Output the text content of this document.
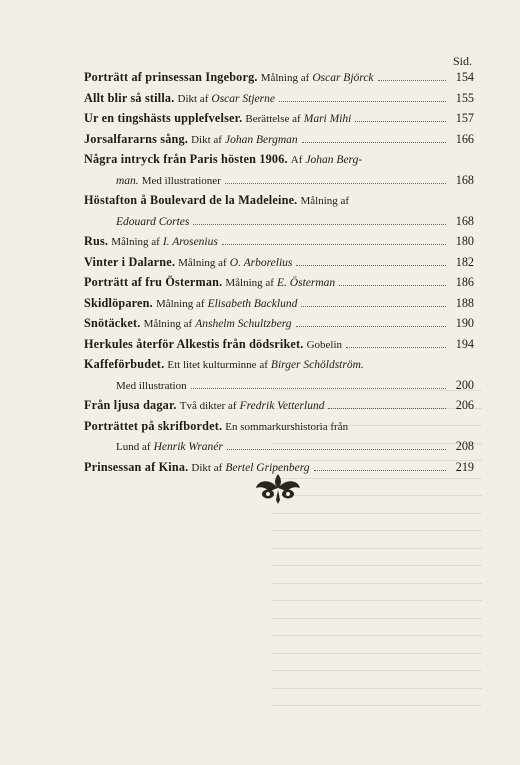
Sid.
Porträtt af prinsessan Ingeborg. Målning af Oscar Björck	154
Allt blir så stilla. Dikt af Oscar Stjerne	155
Ur en tingshästs upplefvelser. Berättelse af Mari Mihi	157
Jorsalfararns sång. Dikt af Johan Bergman	166
Några intryck från Paris hösten 1906. Af Johan Berg-
man. Med illustrationer	168
Höstafton å Boulevard de la Madeleine. Målning af
Edouard Cortes	168
Rus. Målning af I. Arosenius	180
Vinter i Dalarne. Målning af O. Arborelius	182
Porträtt af fru Österman. Målning af E. Österman	186
Skidlöparen. Målning af Elisabeth Backlund	188
Snötäcket. Målning af Anshelm Schultzberg	190
Herkules återför Alkestis från dödsriket. Gobelin	194
Kaffeförbudet. Ett litet kulturminne af Birger Schöldström.
Med illustration	200
Från ljusa dagar. Två dikter af Fredrik Vetterlund	206
Porträttet på skrifbordet. En sommarkurshistoria från
Lund af Henrik Wranér	208
Prinsessan af Kina. Dikt af Bertel Gripenberg	219
